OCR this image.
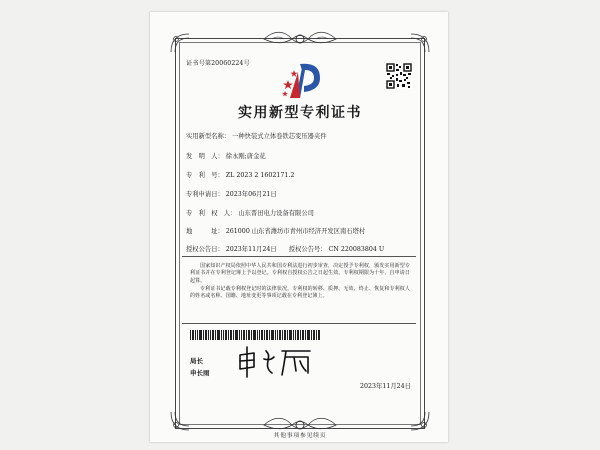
证书号第20060224号
实用新型专利证书
实用新型名称： 一种快装式立体卷铁芯变压器夹件
发　明　人： 徐永刚;唐金花
专　利　号： ZL 2023 2 1602171.2
专利申请日： 2023年06月21日
专　利　权　人： 山东晋田电力设备有限公司
地　　　址： 261000 山东省潍坊市青州市经济开发区南石塔村
授权公告日： 2023年11月24日 授权公告号： CN 220083804 U
国家知识产权局依照中华人民共和国专利法进行初步审查，决定授予专利权，颁发实用新型专利证书并在专利登记簿上予以登记。专利权自授权公告之日起生效。专利权期限为十年，自申请日起算。
专利证书记载专利权登记时的法律状况。专利权的转移、质押、无效、终止、恢复和专利权人的姓名或名称、国籍、地址变更等事项记载在专利登记簿上。
局长
申长雨
2023年11月24日
其他事项参见续页
